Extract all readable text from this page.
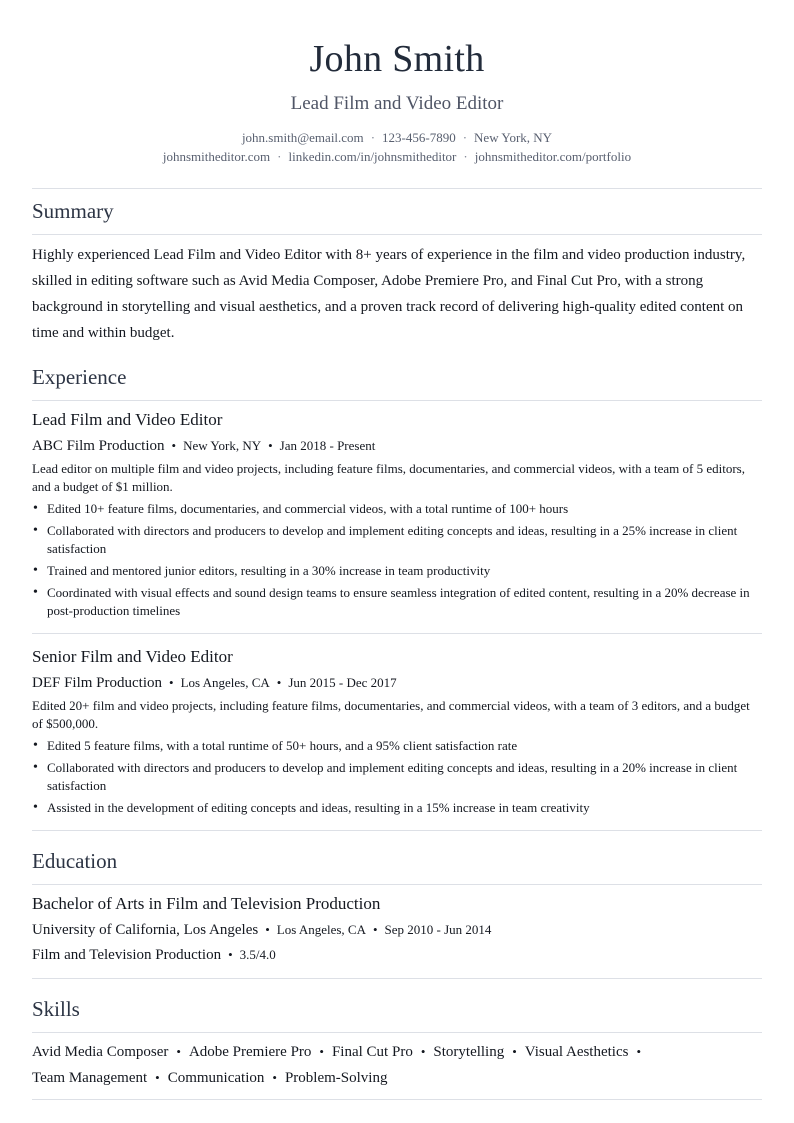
John Smith
Lead Film and Video Editor
john.smith@email.com · 123-456-7890 · New York, NY
johnsmitheditor.com · linkedin.com/in/johnsmitheditor · johnsmitheditor.com/portfolio
Summary
Highly experienced Lead Film and Video Editor with 8+ years of experience in the film and video production industry, skilled in editing software such as Avid Media Composer, Adobe Premiere Pro, and Final Cut Pro, with a strong background in storytelling and visual aesthetics, and a proven track record of delivering high-quality edited content on time and within budget.
Experience
Lead Film and Video Editor
ABC Film Production • New York, NY • Jan 2018 - Present
Lead editor on multiple film and video projects, including feature films, documentaries, and commercial videos, with a team of 5 editors, and a budget of $1 million.
• Edited 10+ feature films, documentaries, and commercial videos, with a total runtime of 100+ hours
• Collaborated with directors and producers to develop and implement editing concepts and ideas, resulting in a 25% increase in client satisfaction
• Trained and mentored junior editors, resulting in a 30% increase in team productivity
• Coordinated with visual effects and sound design teams to ensure seamless integration of edited content, resulting in a 20% decrease in post-production timelines
Senior Film and Video Editor
DEF Film Production • Los Angeles, CA • Jun 2015 - Dec 2017
Edited 20+ film and video projects, including feature films, documentaries, and commercial videos, with a team of 3 editors, and a budget of $500,000.
• Edited 5 feature films, with a total runtime of 50+ hours, and a 95% client satisfaction rate
• Collaborated with directors and producers to develop and implement editing concepts and ideas, resulting in a 20% increase in client satisfaction
• Assisted in the development of editing concepts and ideas, resulting in a 15% increase in team creativity
Education
Bachelor of Arts in Film and Television Production
University of California, Los Angeles • Los Angeles, CA • Sep 2010 - Jun 2014
Film and Television Production • 3.5/4.0
Skills
Avid Media Composer • Adobe Premiere Pro • Final Cut Pro • Storytelling • Visual Aesthetics •
Team Management • Communication • Problem-Solving
